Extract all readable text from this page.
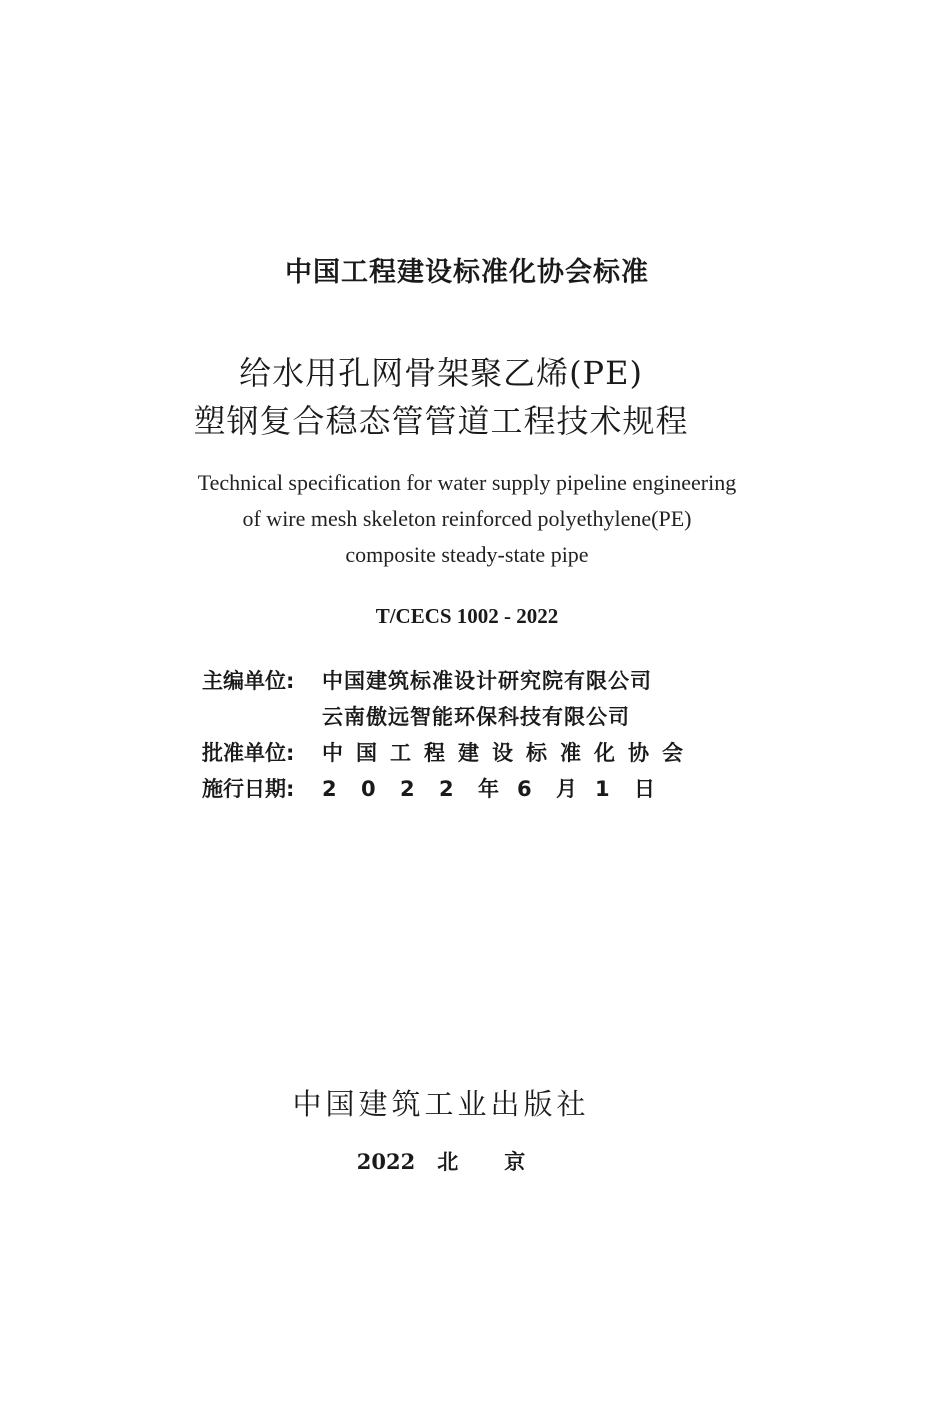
中国工程建设标准化协会标准
给水用孔网骨架聚乙烯(PE)
塑钢复合稳态管管道工程技术规程
Technical specification for water supply pipeline engineering
of wire mesh skeleton reinforced polyethylene(PE)
composite steady-state pipe
T/CECS 1002 - 2022
主编单位:	中国建筑标准设计研究院有限公司
云南傲远智能环保科技有限公司
批准单位:	中国工程建设标准化协会
施行日期:	2 0 2 2 年 6 月 1 日
中国建筑工业出版社
2022 北 京
